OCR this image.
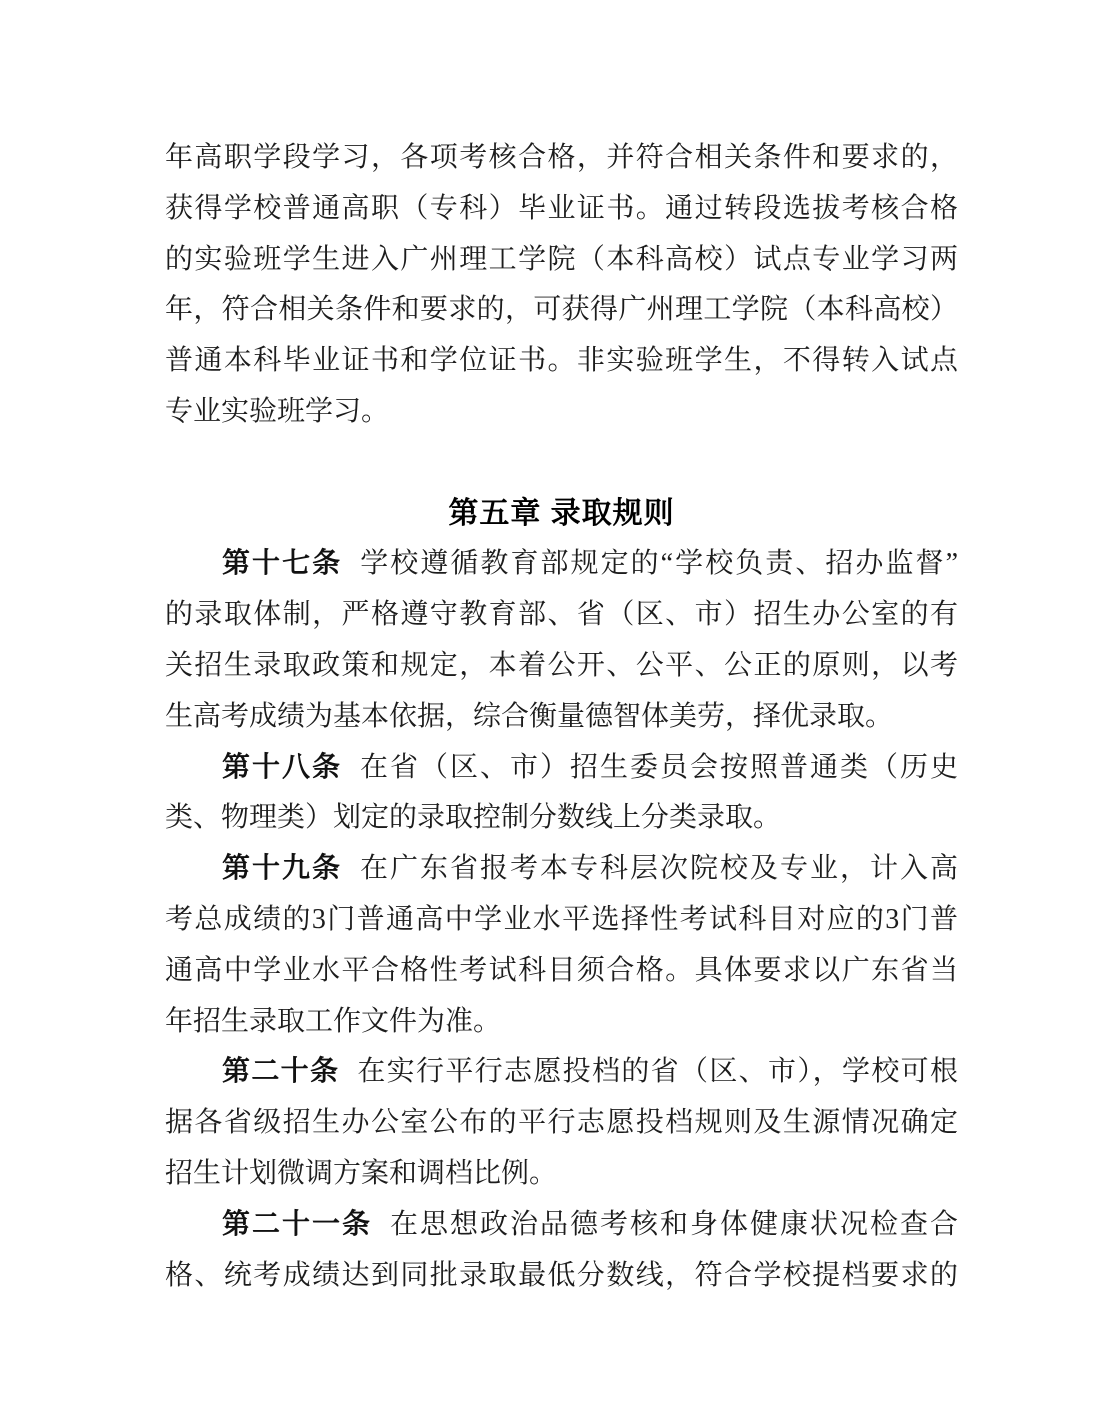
年高职学段学习，各项考核合格，并符合相关条件和要求的，
获得学校普通高职（专科）毕业证书。通过转段选拔考核合格
的实验班学生进入广州理工学院（本科高校）试点专业学习两
年，符合相关条件和要求的，可获得广州理工学院（本科高校）
普通本科毕业证书和学位证书。非实验班学生，不得转入试点
专业实验班学习。
第五章 录取规则
第十七条 学校遵循教育部规定的“学校负责、招办监督”
的录取体制，严格遵守教育部、省（区、市）招生办公室的有
关招生录取政策和规定，本着公开、公平、公正的原则，以考
生高考成绩为基本依据，综合衡量德智体美劳，择优录取。
第十八条 在省（区、市）招生委员会按照普通类（历史
类、物理类）划定的录取控制分数线上分类录取。
第十九条 在广东省报考本专科层次院校及专业，计入高
考总成绩的3门普通高中学业水平选择性考试科目对应的3门普
通高中学业水平合格性考试科目须合格。具体要求以广东省当
年招生录取工作文件为准。
第二十条 在实行平行志愿投档的省（区、市），学校可根
据各省级招生办公室公布的平行志愿投档规则及生源情况确定
招生计划微调方案和调档比例。
第二十一条 在思想政治品德考核和身体健康状况检查合
格、统考成绩达到同批录取最低分数线，符合学校提档要求的
